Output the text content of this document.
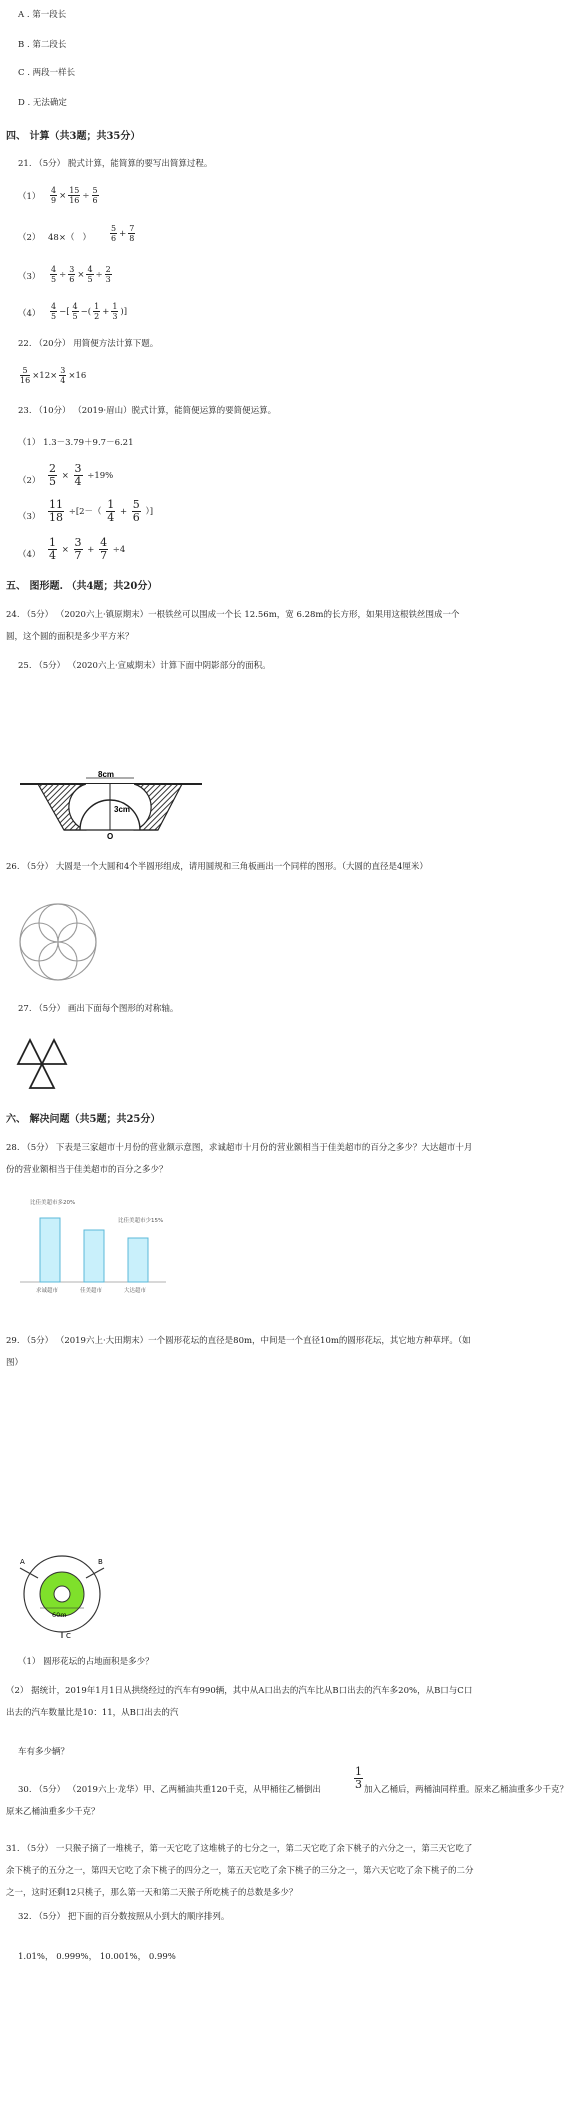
A . 第一段长
B . 第二段长
C . 两段一样长
D . 无法确定
四、 计算（共3题；共35分）
21. （5分） 脱式计算，能简算的要写出简算过程。
$(1) \frac{4}{9} \times \frac{15}{16} \div \frac{5}{6}$
（2） 48×（   ） $\frac{5}{6} + \frac{7}{8}$
$(3) \frac{4}{5} \div \frac{3}{6} \times \frac{4}{5} \div \frac{2}{3}$
$(4) \frac{4}{5}$ −[ $\frac{4}{5}$ −( $\frac{1}{2} + \frac{1}{3}$ )]
22. （20分） 用简便方法计算下题。
$\frac{5}{16} \times 12\times \frac{3}{4} \times 16$
23. （10分） （2019·眉山）脱式计算，能简便运算的要简便运算。
（1） 1.3－3.79＋9.7－6.21
$(2) \frac{2}{5} \times \frac{3}{4} \div 19\%$
$(3) \frac{11}{18} \div[2-( \frac{1}{4} + \frac{5}{6}$ ）]
$(4) \frac{1}{4} \times \frac{3}{7} + \frac{4}{7} \div 4$
五、 图形题. （共4题；共20分）
24. （5分） （2020六上·镇原期末）一根铁丝可以围成一个长 12.56m，宽 6.28m的长方形，如果用这根铁丝围成一个圆，这个圆的面积是多少平方米？
25. （5分） （2020六上·宣威期末）计算下面中阴影部分的面积。
8cm
3cm
O
26. （5分） 大圆是一个大圆和4个半圆形组成，请用圆规和三角板画出一个同样的图形。（大圆的直径是4厘米）
27. （5分） 画出下面每个图形的对称轴。
六、 解决问题（共5题；共25分）
28. （5分） 下表是三家超市十月份的营业额示意图，求诚超市十月份的营业额相当于佳美超市的百分之多少？大达超市十月份的营业额相当于佳美超市的百分之多少？
比佳美超市多20%
比佳美超市少15%
求诚超市	佳美超市	大达超市
29. （5分） （2019六上·大田期末）一个圆形花坛的直径是80m，中间是一个直径10m的圆形花坛，其它地方种草坪。（如图）
A	B
C
60m
（1） 圆形花坛的占地面积是多少？
（2） 据统计，2019年1月1日从拱绕经过的汽车有990辆，其中从A口出去的汽车比从B口出去的汽车多20%，从B口与C口出去的汽车数量比是10：11，从B口出去的汽
车有多少辆？
30. （5分） （2019六上·龙华）甲、乙两桶油共重120千克，从甲桶往乙桶倒出	$\frac{1}{3}$ 加入乙桶后，两桶油同样重。原来乙桶油重多少千克？
原来乙桶油重多少千克？
31. （5分） 一只猴子摘了一堆桃子，第一天它吃了这堆桃子的七分之一，第二天它吃了余下桃子的六分之一，第三天它吃了余下桃子的五分之一，第四天它吃了余下桃子的四分之一，第五天它吃了余下桃子的三分之一，第六天它吃了余下桃子的二分之一，这时还剩12只桃子，那么第一天和第二天猴子所吃桃子的总数是多少？
32. （5分） 把下面的百分数按照从小到大的顺序排列。
1.01%， 0.999%， 10.001%， 0.99%
